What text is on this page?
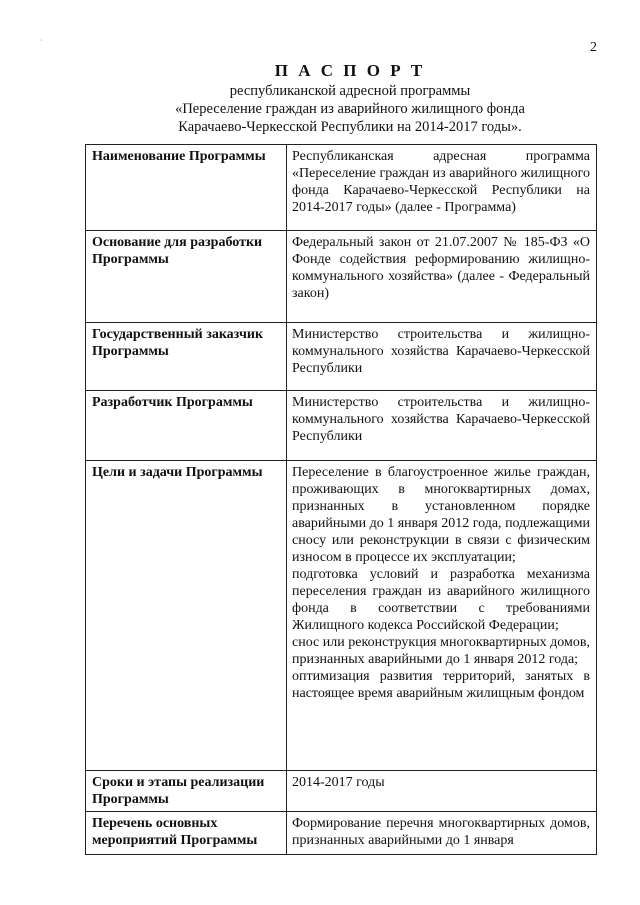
·	2
П А С П О Р Т
республиканской адресной программы
«Переселение граждан из аварийного жилищного фонда
Карачаево-Черкесской Республики на 2014-2017 годы».
Наименование Программы	Республиканская адресная программа «Переселение граждан из аварийного жилищного фонда Карачаево-Черкесской Республики на 2014-2017 годы» (далее - Программа)

Основание для разработки Программы	Федеральный закон от 21.07.2007 № 185-ФЗ «О Фонде содействия реформированию жилищно-коммунального хозяйства» (далее - Федеральный закон)

Государственный заказчик Программы	Министерство строительства и жилищно-коммунального хозяйства Карачаево-Черкесской Республики

Разработчик Программы	Министерство строительства и жилищно-коммунального хозяйства Карачаево-Черкесской Республики

Цели и задачи Программы	Переселение в благоустроенное жилье граждан, проживающих в многоквартирных домах, признанных в установленном порядке аварийными до 1 января 2012 года, подлежащими сносу или реконструкции в связи с физическим износом в процессе их эксплуатации;
подготовка условий и разработка механизма переселения граждан из аварийного жилищного фонда в соответствии с требованиями Жилищного кодекса Российской Федерации;
снос или реконструкция многоквартирных домов, признанных аварийными до 1 января 2012 года;
оптимизация развития территорий, занятых в настоящее время аварийным жилищным фондом

Сроки и этапы реализации Программы	2014-2017 годы

Перечень основных мероприятий Программы	Формирование перечня многоквартирных домов, признанных аварийными до 1 января
